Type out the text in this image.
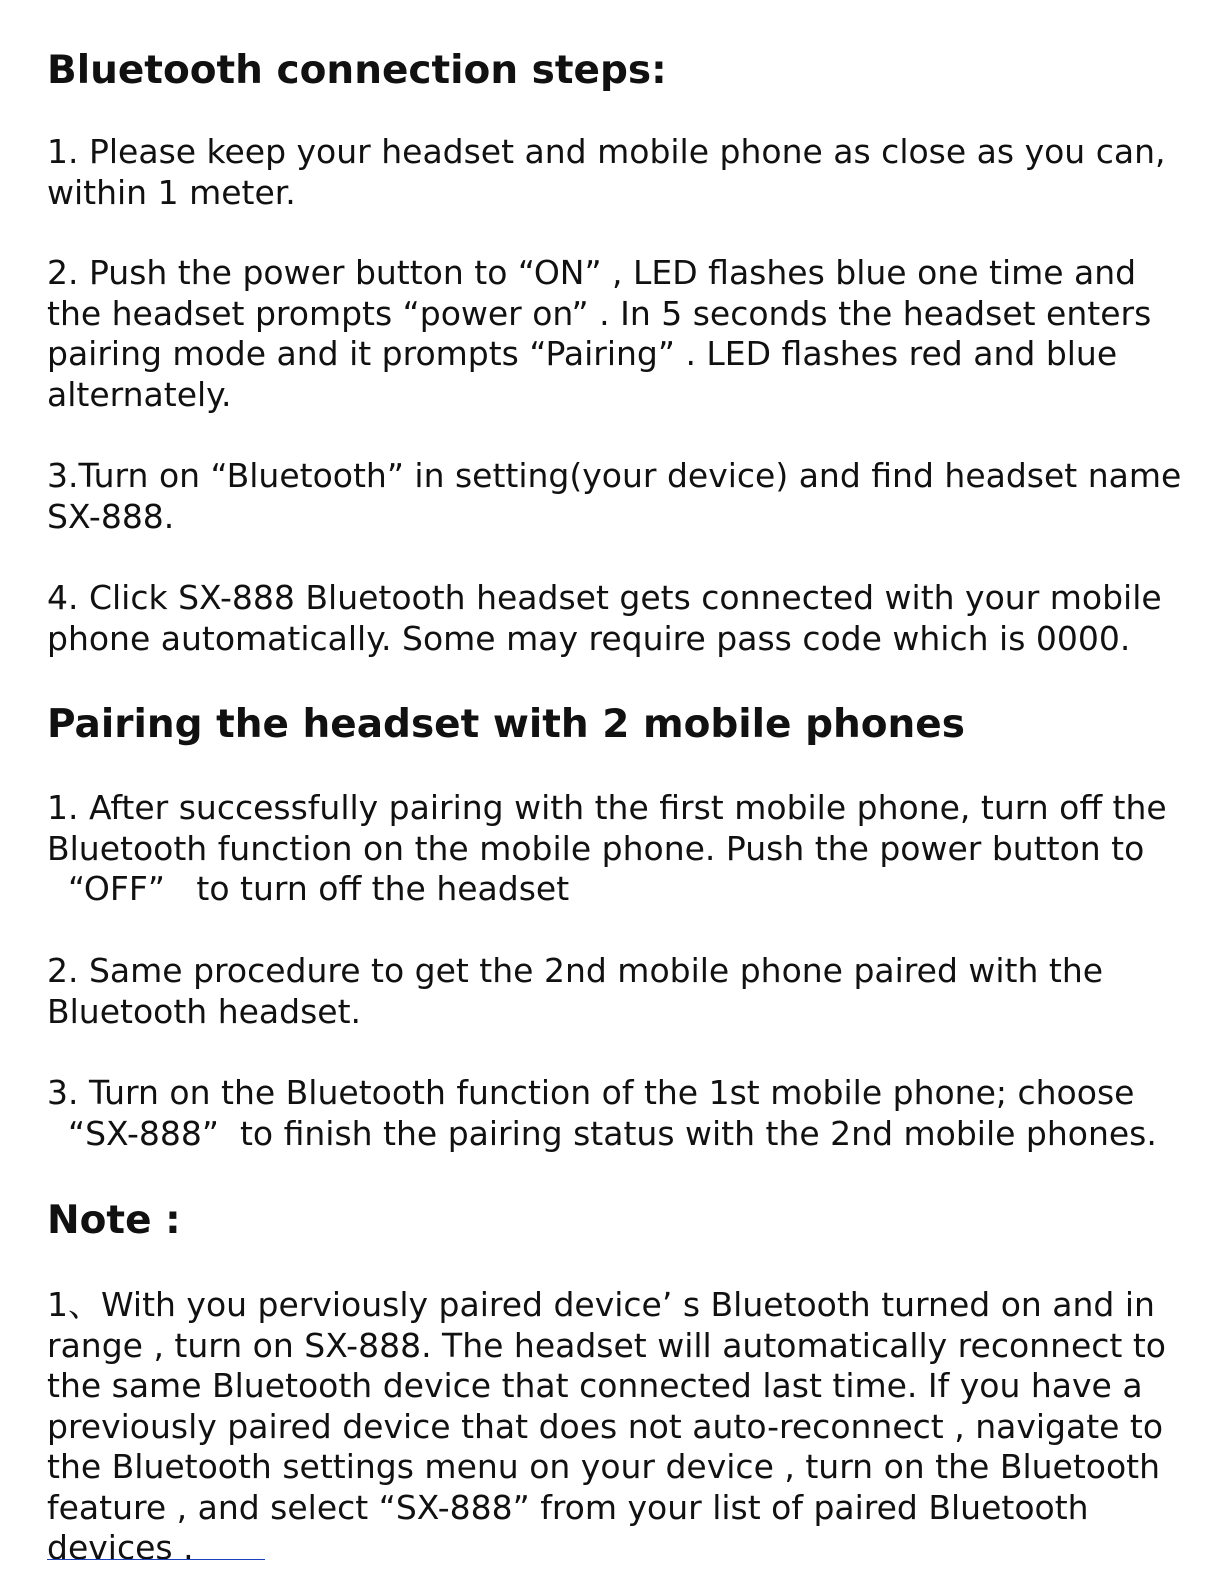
Bluetooth connection steps:

1. Please keep your headset and mobile phone as close as you can,
within 1 meter.

2. Push the power button to “ON” , LED flashes blue one time and
the headset prompts “power on” . In 5 seconds the headset enters
pairing mode and it prompts “Pairing” . LED flashes red and blue
alternately.

3.Turn on “Bluetooth” in setting(your device) and find headset name
SX-888.

4. Click SX-888 Bluetooth headset gets connected with your mobile
phone automatically. Some may require pass code which is 0000.

Pairing the headset with 2 mobile phones

1. After successfully pairing with the first mobile phone, turn off the
Bluetooth function on the mobile phone. Push the power button to
“OFF”   to turn off the headset

2. Same procedure to get the 2nd mobile phone paired with the
Bluetooth headset.

3. Turn on the Bluetooth function of the 1st mobile phone; choose
“SX-888”  to finish the pairing status with the 2nd mobile phones.

Note :

1、With you perviously paired device’ s Bluetooth turned on and in
range , turn on SX-888. The headset will automatically reconnect to
the same Bluetooth device that connected last time. If you have a
previously paired device that does not auto-reconnect , navigate to
the Bluetooth settings menu on your device , turn on the Bluetooth
feature , and select “SX-888” from your list of paired Bluetooth
devices .
